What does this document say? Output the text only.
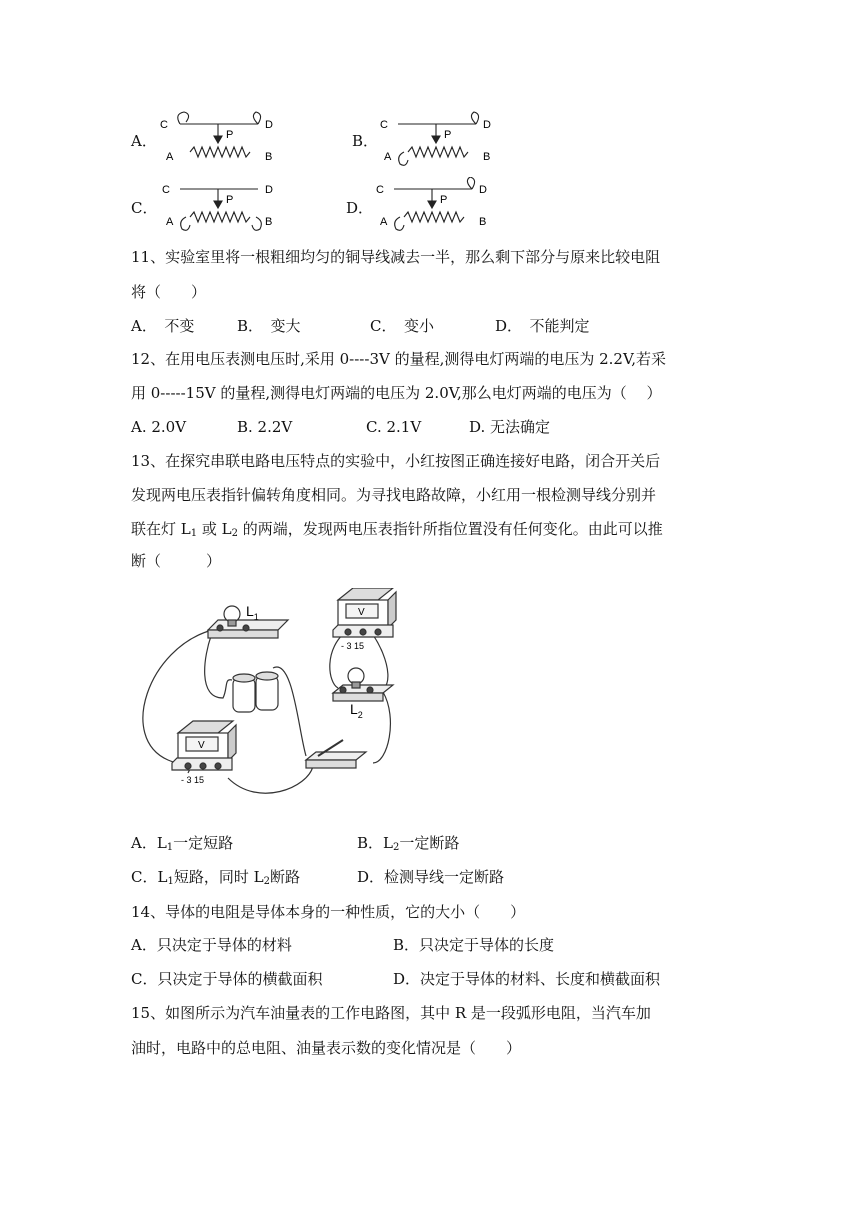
A．
C	D
A	B
P	B．
C	D
A	B
P
C．
C	D
A	B
P	D．
C	D
A	B
P
11、实验室里将一根粗细均匀的铜导线减去一半，那么剩下部分与原来比较电阻
将（　　）
A．　不变	B．　变大	C．　变小	D．　不能判定
12、在用电压表测电压时,采用 0----3V 的量程,测得电灯两端的电压为 2.2V,若采
用 0-----15V 的量程,测得电灯两端的电压为 2.0V,那么电灯两端的电压为（　 ）
A. 2.0V	B. 2.2V	C. 2.1V	D. 无法确定
13、在探究串联电路电压特点的实验中，小红按图正确连接好电路，闭合开关后
发现两电压表指针偏转角度相同。为寻找电路故障，小红用一根检测导线分别并
联在灯 $L_1$ 或 $L_2$ 的两端，发现两电压表指针所指位置没有任何变化。由此可以推
断（　　　）
$L_1$
$L_2$
V
V
- 3 15
- 3 15
A．$L_1$一定短路	B．$L_2$一定断路
C．$L_1$短路，同时 $L_2$断路	D．检测导线一定断路
14、导体的电阻是导体本身的一种性质，它的大小（　　）
A．只决定于导体的材料	B．只决定于导体的长度
C．只决定于导体的横截面积	D．决定于导体的材料、长度和横截面积
15、如图所示为汽车油量表的工作电路图，其中 R 是一段弧形电阻，当汽车加
油时，电路中的总电阻、油量表示数的变化情况是（　　）
